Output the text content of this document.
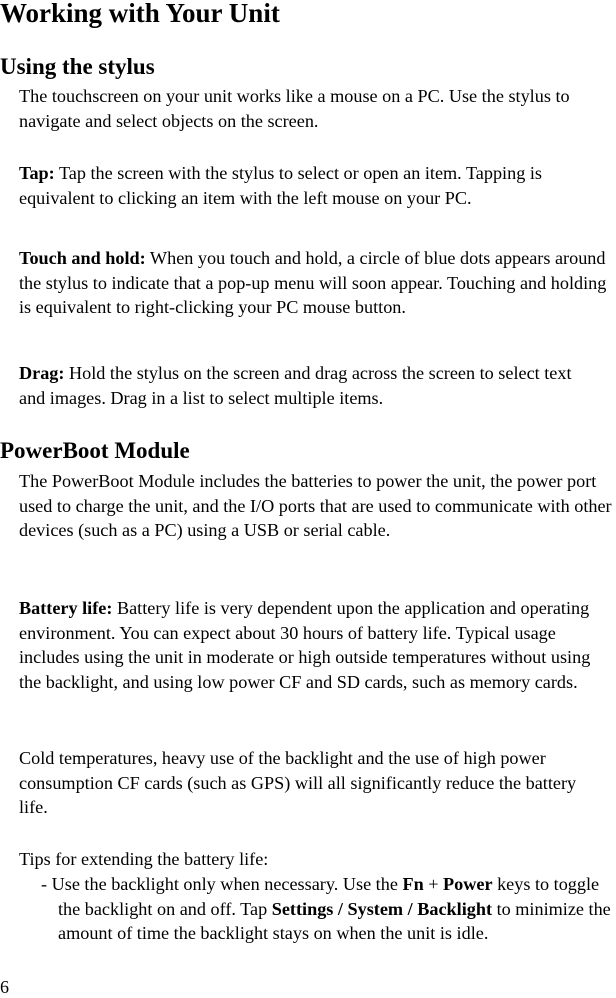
Working with Your Unit
Using the stylus

The touchscreen on your unit works like a mouse on a PC. Use the stylus to navigate and select objects on the screen.

Tap: Tap the screen with the stylus to select or open an item. Tapping is equivalent to clicking an item with the left mouse on your PC.

Touch and hold: When you touch and hold, a circle of blue dots appears around the stylus to indicate that a pop-up menu will soon appear. Touching and holding is equivalent to right-clicking your PC mouse button.

Drag: Hold the stylus on the screen and drag across the screen to select text and images. Drag in a list to select multiple items.

PowerBoot Module

The PowerBoot Module includes the batteries to power the unit, the power port used to charge the unit, and the I/O ports that are used to communicate with other devices (such as a PC) using a USB or serial cable.

Battery life: Battery life is very dependent upon the application and operating environment. You can expect about 30 hours of battery life. Typical usage includes using the unit in moderate or high outside temperatures without using the backlight, and using low power CF and SD cards, such as memory cards.

Cold temperatures, heavy use of the backlight and the use of high power consumption CF cards (such as GPS) will all significantly reduce the battery life.

Tips for extending the battery life:

- Use the backlight only when necessary. Use the Fn + Power keys to toggle the backlight on and off. Tap Settings / System / Backlight to minimize the amount of time the backlight stays on when the unit is idle.

6
